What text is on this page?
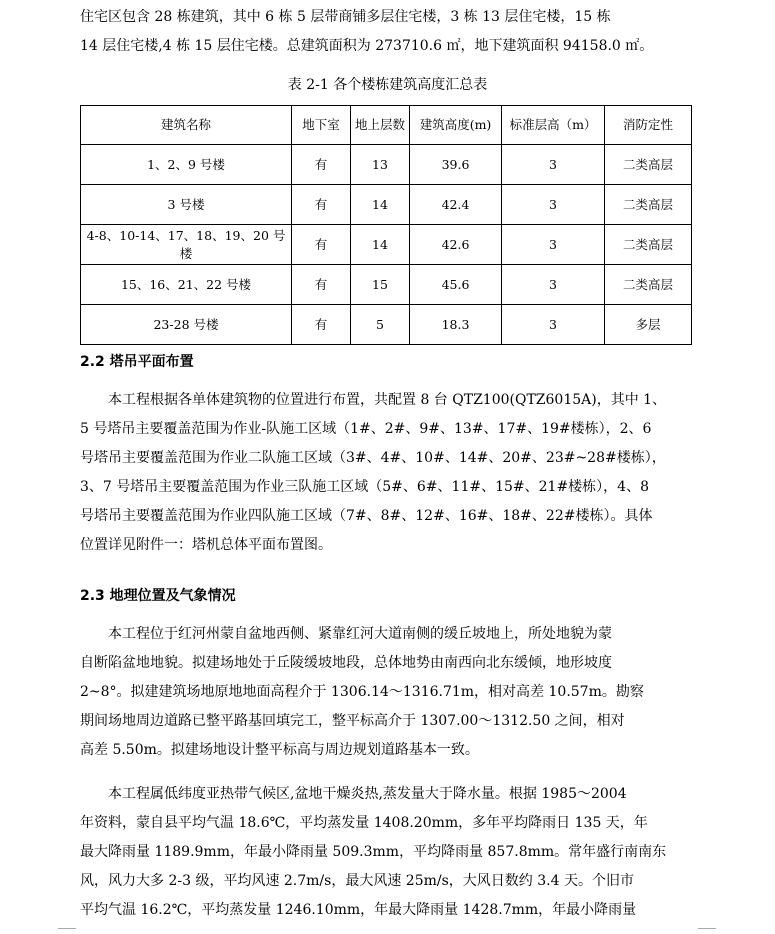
住宅区包含 28 栋建筑，其中 6 栋 5 层带商铺多层住宅楼，3 栋 13 层住宅楼，15 栋
14 层住宅楼,4 栋 15 层住宅楼。总建筑面积为 273710.6 ㎡，地下建筑面积 94158.0 ㎡。
表 2-1 各个楼栋建筑高度汇总表
建筑名称	地下室	地上层数	建筑高度(m)	标准层高（m）	消防定性
1、2、9 号楼	有	13	39.6	3	二类高层
3 号楼	有	14	42.4	3	二类高层
4-8、10-14、17、18、19、20 号楼	有	14	42.6	3	二类高层
15、16、21、22 号楼	有	15	45.6	3	二类高层
23-28 号楼	有	5	18.3	3	多层
2.2 塔吊平面布置
本工程根据各单体建筑物的位置进行布置，共配置 8 台 QTZ100(QTZ6015A)，其中 1、
5 号塔吊主要覆盖范围为作业-队施工区域（1#、2#、9#、13#、17#、19#楼栋），2、6
号塔吊主要覆盖范围为作业二队施工区域（3#、4#、10#、14#、20#、23#~28#楼栋），
3、7 号塔吊主要覆盖范围为作业三队施工区域（5#、6#、11#、15#、21#楼栋），4、8
号塔吊主要覆盖范围为作业四队施工区域（7#、8#、12#、16#、18#、22#楼栋）。具体
位置详见附件一：塔机总体平面布置图。
2.3 地理位置及气象情况
本工程位于红河州蒙自盆地西侧、紧靠红河大道南侧的缓丘坡地上，所处地貌为蒙
自断陷盆地地貌。拟建场地处于丘陵缓坡地段，总体地势由南西向北东缓倾，地形坡度
2~8°。拟建建筑场地原地地面高程介于 1306.14～1316.71m，相对高差 10.57m。勘察
期间场地周边道路已整平路基回填完工，整平标高介于 1307.00～1312.50 之间，相对
高差 5.50m。拟建场地设计整平标高与周边规划道路基本一致。
本工程属低纬度亚热带气候区,盆地干燥炎热,蒸发量大于降水量。根据 1985～2004
年资料，蒙自县平均气温 18.6℃，平均蒸发量 1408.20mm，多年平均降雨日 135 天，年
最大降雨量 1189.9mm，年最小降雨量 509.3mm，平均降雨量 857.8mm。常年盛行南南东
风，风力大多 2-3 级，平均风速 2.7m/s，最大风速 25m/s，大风日数约 3.4 天。个旧市
平均气温 16.2℃，平均蒸发量 1246.10mm，年最大降雨量 1428.7mm，年最小降雨量
